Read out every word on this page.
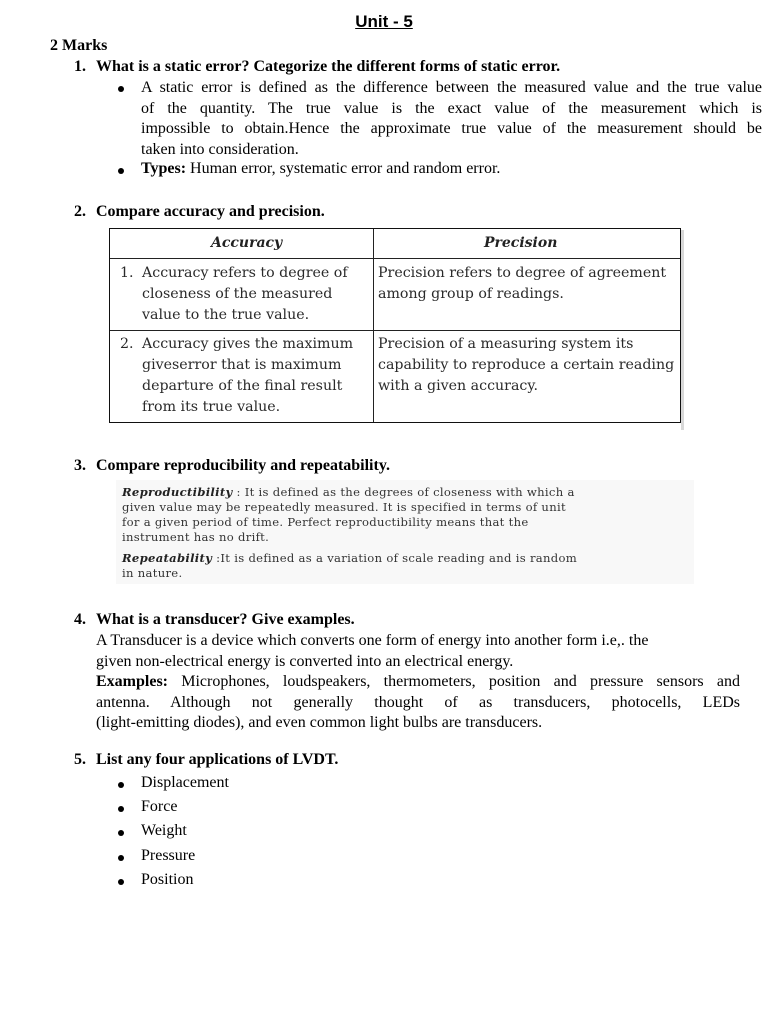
Unit - 5
2 Marks
1. What is a static error? Categorize the different forms of static error.
A static error is defined as the difference between the measured value and the true value
of the quantity. The true value is the exact value of the measurement which is
impossible to obtain.Hence the approximate true value of the measurement should be
taken into consideration.
Types: Human error, systematic error and random error.
2. Compare accuracy and precision.
Accuracy	Precision
1. Accuracy refers to degree of
closeness of the measured
value to the true value.
Precision refers to degree of agreement
among group of readings.
2. Accuracy gives the maximum
giveserror that is maximum
departure of the final result
from its true value.
Precision of a measuring system its
capability to reproduce a certain reading
with a given accuracy.
3. Compare reproducibility and repeatability.

Reproductibility : It is defined as the degrees of closeness with which a
given value may be repeatedly measured. It is specified in terms of unit
for a given period of time. Perfect reproductibility means that the
instrument has no drift.

Repeatability :It is defined as a variation of scale reading and is random
in nature.

4. What is a transducer? Give examples.
A Transducer is a device which converts one form of energy into another form i.e,. the
given non-electrical energy is converted into an electrical energy.
Examples: Microphones, loudspeakers, thermometers, position and pressure sensors and
antenna. Although not generally thought of as transducers, photocells, LEDs
(light-emitting diodes), and even common light bulbs are transducers.
5. List any four applications of LVDT.
Displacement
Force
Weight
Pressure
Position
